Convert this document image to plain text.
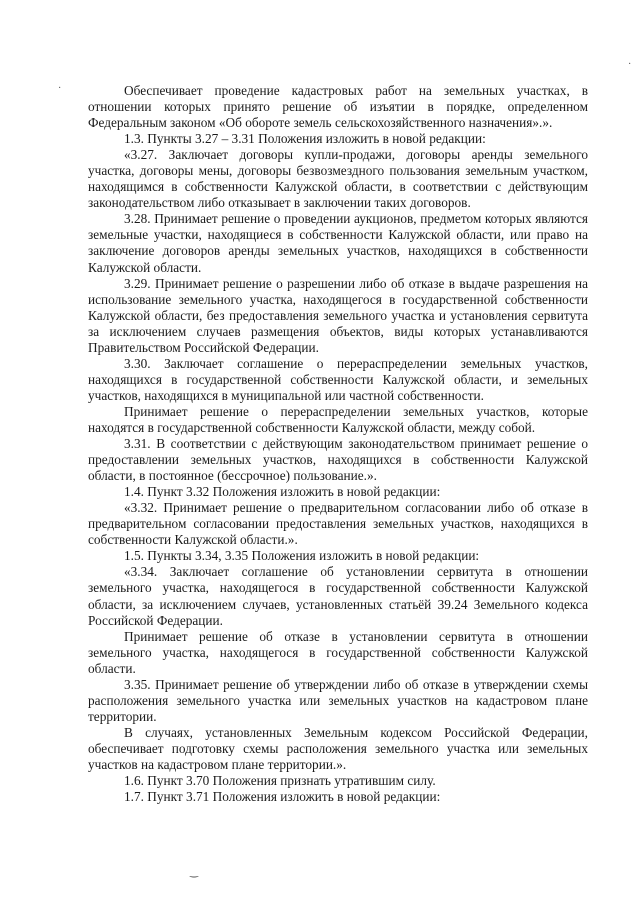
Обеспечивает проведение кадастровых работ на земельных участках, в отношении которых принято решение об изъятии в порядке, определенном Федеральным законом «Об обороте земель сельскохозяйственного назначения».».

1.3. Пункты 3.27 – 3.31 Положения изложить в новой редакции:

«3.27. Заключает договоры купли-продажи, договоры аренды земельного участка, договоры мены, договоры безвозмездного пользования земельным участком, находящимся в собственности Калужской области, в соответствии с действующим законодательством либо отказывает в заключении таких договоров.

3.28. Принимает решение о проведении аукционов, предметом которых являются земельные участки, находящиеся в собственности Калужской области, или право на заключение договоров аренды земельных участков, находящихся в собственности Калужской области.

3.29. Принимает решение о разрешении либо об отказе в выдаче разрешения на использование земельного участка, находящегося в государственной собственности Калужской области, без предоставления земельного участка и установления сервитута за исключением случаев размещения объектов, виды которых устанавливаются Правительством Российской Федерации.

3.30. Заключает соглашение о перераспределении земельных участков, находящихся в государственной собственности Калужской области, и земельных участков, находящихся в муниципальной или частной собственности.

Принимает решение о перераспределении земельных участков, которые находятся в государственной собственности Калужской области, между собой.

3.31. В соответствии с действующим законодательством принимает решение о предоставлении земельных участков, находящихся в собственности Калужской области, в постоянное (бессрочное) пользование.».

1.4. Пункт 3.32 Положения изложить в новой редакции:

«3.32. Принимает решение о предварительном согласовании либо об отказе в предварительном согласовании предоставления земельных участков, находящихся в собственности Калужской области.».

1.5. Пункты 3.34, 3.35 Положения изложить в новой редакции:

«3.34. Заключает соглашение об установлении сервитута в отношении земельного участка, находящегося в государственной собственности Калужской области, за исключением случаев, установленных статьёй 39.24 Земельного кодекса Российской Федерации.

Принимает решение об отказе в установлении сервитута в отношении земельного участка, находящегося в государственной собственности Калужской области.

3.35. Принимает решение об утверждении либо об отказе в утверждении схемы расположения земельного участка или земельных участков на кадастровом плане территории.

В случаях, установленных Земельным кодексом Российской Федерации, обеспечивает подготовку схемы расположения земельного участка или земельных участков на кадастровом плане территории.».

1.6. Пункт 3.70 Положения признать утратившим силу.

1.7. Пункт 3.71 Положения изложить в новой редакции:

·
·
‿
